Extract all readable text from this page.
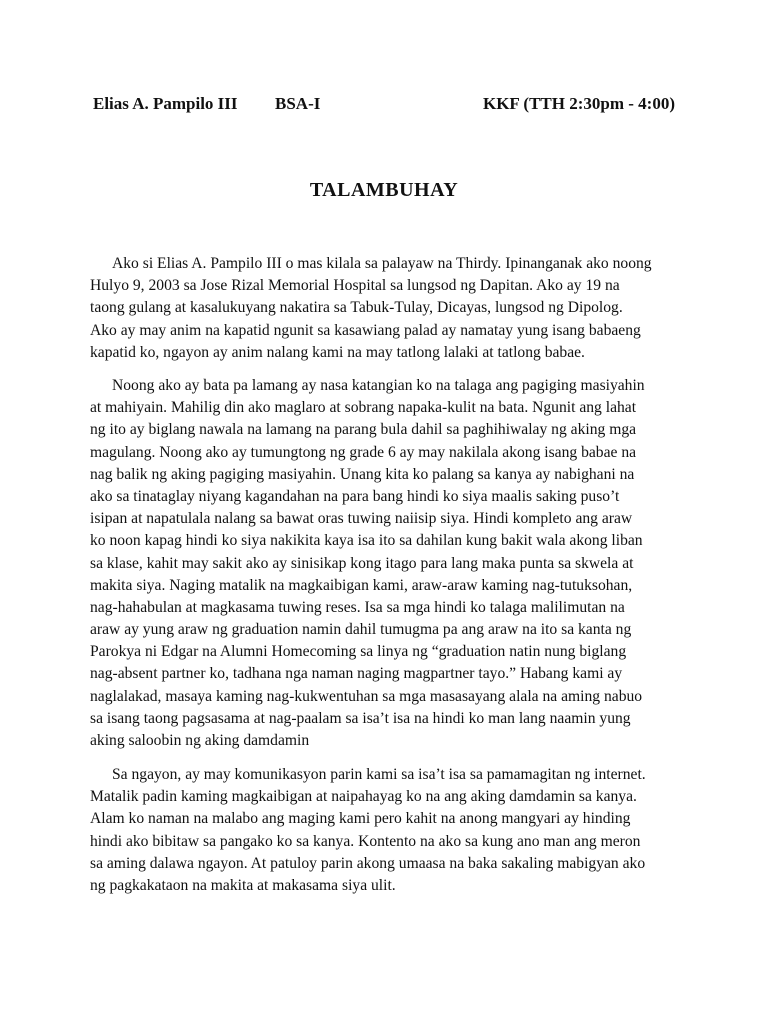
Elias A. Pampilo III BSA-I	KKF (TTH 2:30pm - 4:00)
TALAMBUHAY
Ako si Elias A. Pampilo III o mas kilala sa palayaw na Thirdy. Ipinanganak ako noong
Hulyo 9, 2003 sa Jose Rizal Memorial Hospital sa lungsod ng Dapitan. Ako ay 19 na
taong gulang at kasalukuyang nakatira sa Tabuk-Tulay, Dicayas, lungsod ng Dipolog.
Ako ay may anim na kapatid ngunit sa kasawiang palad ay namatay yung isang babaeng
kapatid ko, ngayon ay anim nalang kami na may tatlong lalaki at tatlong babae.
Noong ako ay bata pa lamang ay nasa katangian ko na talaga ang pagiging masiyahin
at mahiyain. Mahilig din ako maglaro at sobrang napaka-kulit na bata. Ngunit ang lahat
ng ito ay biglang nawala na lamang na parang bula dahil sa paghihiwalay ng aking mga
magulang. Noong ako ay tumungtong ng grade 6 ay may nakilala akong isang babae na
nag balik ng aking pagiging masiyahin. Unang kita ko palang sa kanya ay nabighani na
ako sa tinataglay niyang kagandahan na para bang hindi ko siya maalis saking puso’t
isipan at napatulala nalang sa bawat oras tuwing naiisip siya. Hindi kompleto ang araw
ko noon kapag hindi ko siya nakikita kaya isa ito sa dahilan kung bakit wala akong liban
sa klase, kahit may sakit ako ay sinisikap kong itago para lang maka punta sa skwela at
makita siya. Naging matalik na magkaibigan kami, araw-araw kaming nag-tutuksohan,
nag-hahabulan at magkasama tuwing reses. Isa sa mga hindi ko talaga malilimutan na
araw ay yung araw ng graduation namin dahil tumugma pa ang araw na ito sa kanta ng
Parokya ni Edgar na Alumni Homecoming sa linya ng “graduation natin nung biglang
nag-absent partner ko, tadhana nga naman naging magpartner tayo.” Habang kami ay
naglalakad, masaya kaming nag-kukwentuhan sa mga masasayang alala na aming nabuo
sa isang taong pagsasama at nag-paalam sa isa’t isa na hindi ko man lang naamin yung
aking saloobin ng aking damdamin
Sa ngayon, ay may komunikasyon parin kami sa isa’t isa sa pamamagitan ng internet.
Matalik padin kaming magkaibigan at naipahayag ko na ang aking damdamin sa kanya.
Alam ko naman na malabo ang maging kami pero kahit na anong mangyari ay hinding
hindi ako bibitaw sa pangako ko sa kanya. Kontento na ako sa kung ano man ang meron
sa aming dalawa ngayon. At patuloy parin akong umaasa na baka sakaling mabigyan ako
ng pagkakataon na makita at makasama siya ulit.
